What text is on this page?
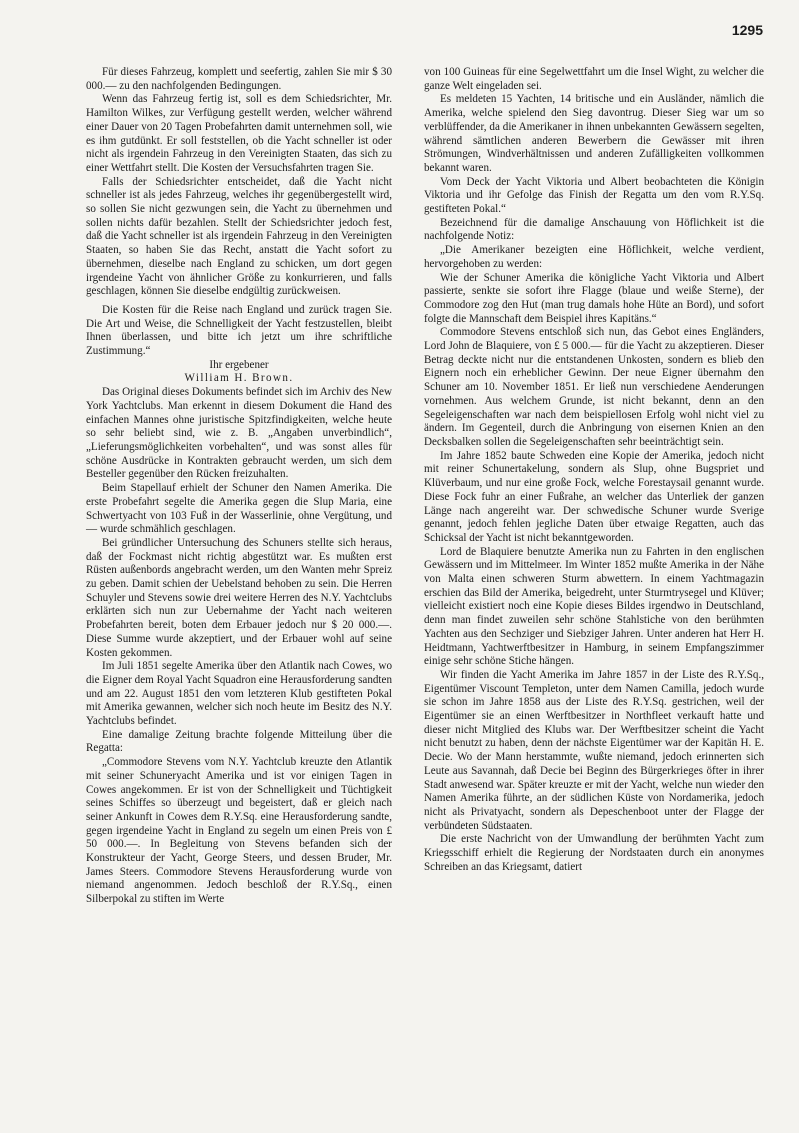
1295

Für dieses Fahrzeug, komplett und seefertig, zahlen Sie mir $ 30 000.— zu den nachfolgenden Bedingungen.

Wenn das Fahrzeug fertig ist, soll es dem Schiedsrichter, Mr. Hamilton Wilkes, zur Verfügung gestellt werden, welcher während einer Dauer von 20 Tagen Probefahrten damit unternehmen soll, wie es ihm gutdünkt. Er soll feststellen, ob die Yacht schneller ist oder nicht als irgendein Fahrzeug in den Vereinigten Staaten, das sich zu einer Wettfahrt stellt. Die Kosten der Versuchsfahrten tragen Sie.

Falls der Schiedsrichter entscheidet, daß die Yacht nicht schneller ist als jedes Fahrzeug, welches ihr gegenübergestellt wird, so sollen Sie nicht gezwungen sein, die Yacht zu übernehmen und sollen nichts dafür bezahlen. Stellt der Schiedsrichter jedoch fest, daß die Yacht schneller ist als irgendein Fahrzeug in den Vereinigten Staaten, so haben Sie das Recht, anstatt die Yacht sofort zu übernehmen, dieselbe nach England zu schicken, um dort gegen irgendeine Yacht von ähnlicher Größe zu konkurrieren, und falls geschlagen, können Sie dieselbe endgültig zurückweisen.

Die Kosten für die Reise nach England und zurück tragen Sie. Die Art und Weise, die Schnelligkeit der Yacht festzustellen, bleibt Ihnen überlassen, und bitte ich jetzt um ihre schriftliche Zustimmung.“

Ihr ergebener

William H. Brown.

Das Original dieses Dokuments befindet sich im Archiv des New York Yachtclubs. Man erkennt in diesem Dokument die Hand des einfachen Mannes ohne juristische Spitzfindigkeiten, welche heute so sehr beliebt sind, wie z. B. „Angaben unverbindlich“, „Lieferungsmöglichkeiten vorbehalten“, und was sonst alles für schöne Ausdrücke in Kontrakten gebraucht werden, um sich dem Besteller gegenüber den Rücken freizuhalten.

Beim Stapellauf erhielt der Schuner den Namen Amerika. Die erste Probefahrt segelte die Amerika gegen die Slup Maria, eine Schwertyacht von 103 Fuß in der Wasserlinie, ohne Vergütung, und — wurde schmählich geschlagen.

Bei gründlicher Untersuchung des Schuners stellte sich heraus, daß der Fockmast nicht richtig abgestützt war. Es mußten erst Rüsten außenbords angebracht werden, um den Wanten mehr Spreiz zu geben. Damit schien der Uebelstand behoben zu sein. Die Herren Schuyler und Stevens sowie drei weitere Herren des N.Y. Yachtclubs erklärten sich nun zur Uebernahme der Yacht nach weiteren Probefahrten bereit, boten dem Erbauer jedoch nur $ 20 000.—. Diese Summe wurde akzeptiert, und der Erbauer wohl auf seine Kosten gekommen.

Im Juli 1851 segelte Amerika über den Atlantik nach Cowes, wo die Eigner dem Royal Yacht Squadron eine Herausforderung sandten und am 22. August 1851 den vom letzteren Klub gestifteten Pokal mit Amerika gewannen, welcher sich noch heute im Besitz des N.Y. Yachtclubs befindet.

Eine damalige Zeitung brachte folgende Mitteilung über die Regatta:

„Commodore Stevens vom N.Y. Yachtclub kreuzte den Atlantik mit seiner Schuneryacht Amerika und ist vor einigen Tagen in Cowes angekommen. Er ist von der Schnelligkeit und Tüchtigkeit seines Schiffes so überzeugt und begeistert, daß er gleich nach seiner Ankunft in Cowes dem R.Y.Sq. eine Herausforderung sandte, gegen irgendeine Yacht in England zu segeln um einen Preis von £ 50 000.—. In Begleitung von Stevens befanden sich der Konstrukteur der Yacht, George Steers, und dessen Bruder, Mr. James Steers. Commodore Stevens Herausforderung wurde von niemand angenommen. Jedoch beschloß der R.Y.Sq., einen Silberpokal zu stiften im Werte

von 100 Guineas für eine Segelwettfahrt um die Insel Wight, zu welcher die ganze Welt eingeladen sei.

Es meldeten 15 Yachten, 14 britische und ein Ausländer, nämlich die Amerika, welche spielend den Sieg davontrug. Dieser Sieg war um so verblüffender, da die Amerikaner in ihnen unbekannten Gewässern segelten, während sämtlichen anderen Bewerbern die Gewässer mit ihren Strömungen, Windverhältnissen und anderen Zufälligkeiten vollkommen bekannt waren.

Vom Deck der Yacht Viktoria und Albert beobachteten die Königin Viktoria und ihr Gefolge das Finish der Regatta um den vom R.Y.Sq. gestifteten Pokal.“

Bezeichnend für die damalige Anschauung von Höflichkeit ist die nachfolgende Notiz:

„Die Amerikaner bezeigten eine Höflichkeit, welche verdient, hervorgehoben zu werden:

Wie der Schuner Amerika die königliche Yacht Viktoria und Albert passierte, senkte sie sofort ihre Flagge (blaue und weiße Sterne), der Commodore zog den Hut (man trug damals hohe Hüte an Bord), und sofort folgte die Mannschaft dem Beispiel ihres Kapitäns.“

Commodore Stevens entschloß sich nun, das Gebot eines Engländers, Lord John de Blaquiere, von £ 5 000.— für die Yacht zu akzeptieren. Dieser Betrag deckte nicht nur die entstandenen Unkosten, sondern es blieb den Eignern noch ein erheblicher Gewinn. Der neue Eigner übernahm den Schuner am 10. November 1851. Er ließ nun verschiedene Aenderungen vornehmen. Aus welchem Grunde, ist nicht bekannt, denn an den Segeleigenschaften war nach dem beispiellosen Erfolg wohl nicht viel zu ändern. Im Gegenteil, durch die Anbringung von eisernen Knien an den Decksbalken sollen die Segeleigenschaften sehr beeinträchtigt sein.

Im Jahre 1852 baute Schweden eine Kopie der Amerika, jedoch nicht mit reiner Schunertakelung, sondern als Slup, ohne Bugspriet und Klüverbaum, und nur eine große Fock, welche Forestaysail genannt wurde. Diese Fock fuhr an einer Fußrahe, an welcher das Unterliek der ganzen Länge nach angereiht war. Der schwedische Schuner wurde Sverige genannt, jedoch fehlen jegliche Daten über etwaige Regatten, auch das Schicksal der Yacht ist nicht bekanntgeworden.

Lord de Blaquiere benutzte Amerika nun zu Fahrten in den englischen Gewässern und im Mittelmeer. Im Winter 1852 mußte Amerika in der Nähe von Malta einen schweren Sturm abwettern. In einem Yachtmagazin erschien das Bild der Amerika, beigedreht, unter Sturmtrysegel und Klüver; vielleicht existiert noch eine Kopie dieses Bildes irgendwo in Deutschland, denn man findet zuweilen sehr schöne Stahlstiche von den berühmten Yachten aus den Sechziger und Siebziger Jahren. Unter anderen hat Herr H. Heidtmann, Yachtwerftbesitzer in Hamburg, in seinem Empfangszimmer einige sehr schöne Stiche hängen.

Wir finden die Yacht Amerika im Jahre 1857 in der Liste des R.Y.Sq., Eigentümer Viscount Templeton, unter dem Namen Camilla, jedoch wurde sie schon im Jahre 1858 aus der Liste des R.Y.Sq. gestrichen, weil der Eigentümer sie an einen Werftbesitzer in Northfleet verkauft hatte und dieser nicht Mitglied des Klubs war. Der Werftbesitzer scheint die Yacht nicht benutzt zu haben, denn der nächste Eigentümer war der Kapitän H. E. Decie. Wo der Mann herstammte, wußte niemand, jedoch erinnerten sich Leute aus Savannah, daß Decie bei Beginn des Bürgerkrieges öfter in ihrer Stadt anwesend war. Später kreuzte er mit der Yacht, welche nun wieder den Namen Amerika führte, an der südlichen Küste von Nordamerika, jedoch nicht als Privatyacht, sondern als Depeschenboot unter der Flagge der verbündeten Südstaaten.

Die erste Nachricht von der Umwandlung der berühmten Yacht zum Kriegsschiff erhielt die Regierung der Nordstaaten durch ein anonymes Schreiben an das Kriegsamt, datiert
